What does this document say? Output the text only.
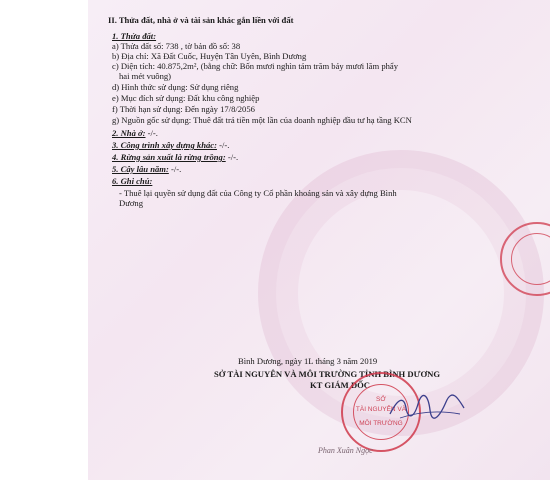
II. Thửa đất, nhà ở và tài sản khác gắn liền với đất
1. Thửa đất:
a) Thửa đất số: 738 , tờ bản đồ số: 38
b) Địa chỉ: Xã Đất Cuốc, Huyện Tân Uyên, Bình Dương
c) Diện tích: 40.875,2m², (bằng chữ: Bốn mươi nghìn tám trăm bảy mươi lăm phẩy
hai mét vuông)
d) Hình thức sử dụng: Sử dụng riêng
e) Mục đích sử dụng: Đất khu công nghiệp
f) Thời hạn sử dụng: Đến ngày 17/8/2056
g) Nguồn gốc sử dụng: Thuê đất trả tiền một lần của doanh nghiệp đầu tư hạ tầng KCN
2. Nhà ở: -/-.
3. Công trình xây dựng khác: -/-.
4. Rừng sản xuất là rừng trồng: -/-.
5. Cây lâu năm: -/-.
6. Ghi chú:
- Thuê lại quyền sử dụng đất của Công ty Cổ phần khoáng sản và xây dựng Bình
Dương
Bình Dương, ngày 1L tháng 3 năm 2019
SỞ TÀI NGUYÊN VÀ MÔI TRƯỜNG TỈNH BÌNH DƯƠNG
KT GIÁM ĐỐC
SỞ
TÀI NGUYÊN VÀ
MÔI TRƯỜNG
Phan Xuân Ngọc
